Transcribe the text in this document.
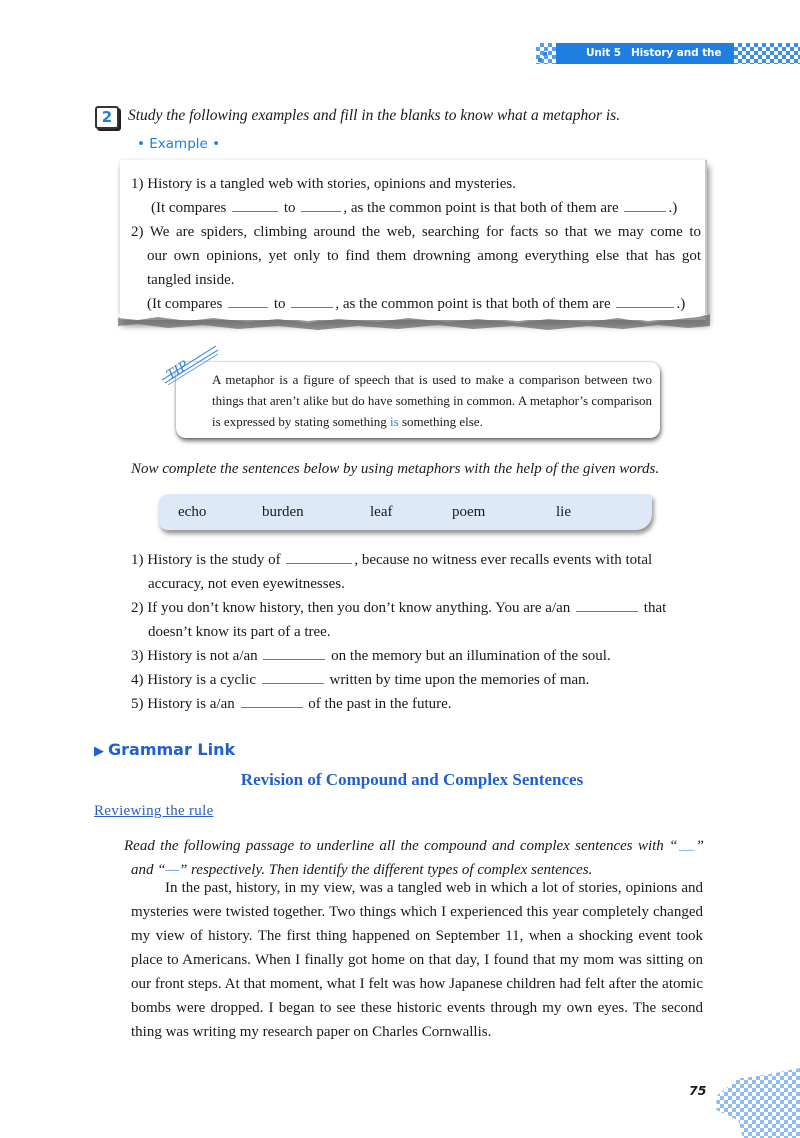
Unit 5 History and the World
2	Study the following examples and fill in the blanks to know what a metaphor is.
• Example •
1) History is a tangled web with stories, opinions and mysteries.
(It compares	to	, as the common point is that both of them are	.)
2) We are spiders, climbing around the web, searching for facts so that we may come to
our own opinions, yet only to find them drowning among everything else that has got
tangled inside.
(It compares	to	, as the common point is that both of them are	.)
TIP A metaphor is a figure of speech that is used to make a comparison between two things that aren’t alike but do have something in common. A metaphor’s comparison is expressed by stating something is something else.
Now complete the sentences below by using metaphors with the help of the given words.
echo	burden	leaf	poem	lie
1) History is the study of	, because no witness ever recalls events with total
accuracy, not even eyewitnesses.
2) If you don’t know history, then you don’t know anything. You are a/an	that
doesn’t know its part of a tree.
3) History is not a/an	on the memory but an illumination of the soul.
4) History is a cyclic	written by time upon the memories of man.
5) History is a/an	of the past in the future.
▶ Grammar Link
Revision of Compound and Complex Sentences
Reviewing the rule
Read the following passage to underline all the compound and complex sentences with “﹏”
and “—” respectively. Then identify the different types of complex sentences.

In the past, history, in my view, was a tangled web in which a lot of stories, opinions and mysteries were twisted together. Two things which I experienced this year completely changed my view of history. The first thing happened on September 11, when a shocking event took place to Americans. When I finally got home on that day, I found that my mom was sitting on our front steps. At that moment, what I felt was how Japanese children had felt after the atomic bombs were dropped. I began to see these historic events through my own eyes. The second thing was writing my research paper on Charles Cornwallis.

75
